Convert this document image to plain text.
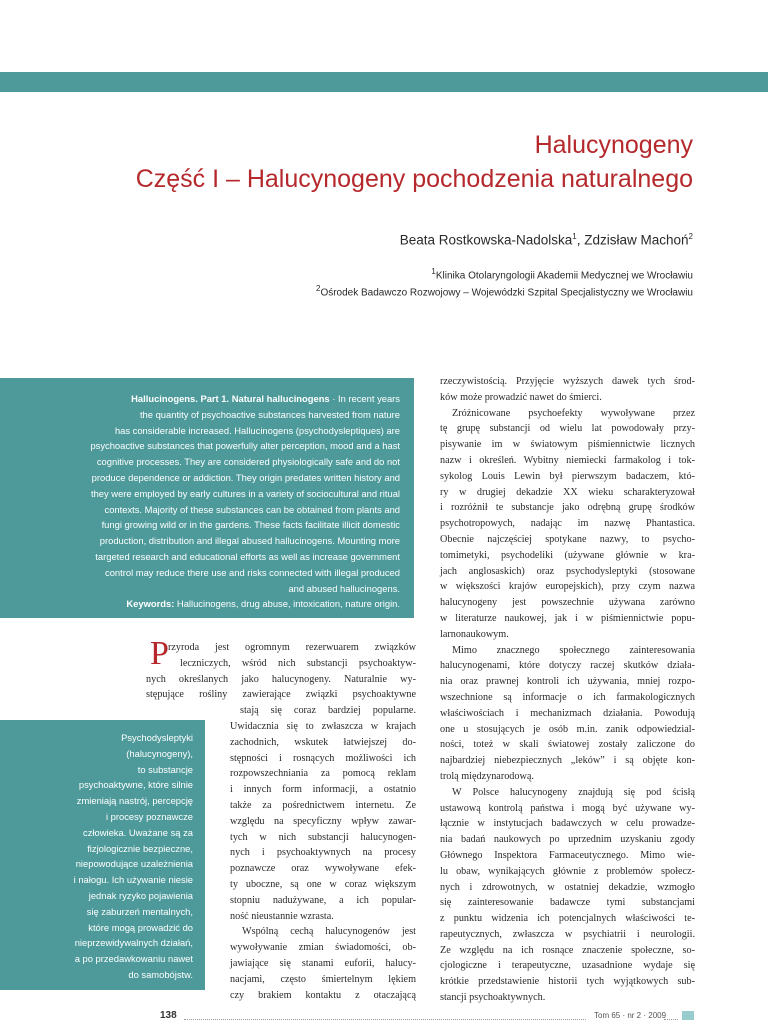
Halucynogeny
Część I – Halucynogeny pochodzenia naturalnego
Beata Rostkowska-Nadolska$^1$, Zdzisław Machoń$^2$
$^1$Klinika Otolaryngologii Akademii Medycznej we Wrocławiu
$^2$Ośrodek Badawczo Rozwojowy – Wojewódzki Szpital Specjalistyczny we Wrocławiu
Hallucinogens. Part 1. Natural hallucinogens · In recent years
the quantity of psychoactive substances harvested from nature
has considerable increased. Hallucinogens (psychodysleptiques) are
psychoactive substances that powerfully alter perception, mood and a hast
cognitive processes. They are considered physiologically safe and do not
produce dependence or addiction. They origin predates written history and
they were employed by early cultures in a variety of sociocultural and ritual
contexts. Majority of these substances can be obtained from plants and
fungi growing wild or in the gardens. These facts facilitate illicit domestic
production, distribution and illegal abused hallucinogens. Mounting more
targeted research and educational efforts as well as increase government
control may reduce there use and risks connected with illegal produced
and abused hallucinogens.
Keywords: Hallucinogens, drug abuse, intoxication, nature origin.
P rzyroda jest ogromnym rezerwuarem związków
leczniczych, wśród nich substancji psychoaktyw-
nych określanych jako halucynogeny. Naturalnie wy-
stępujące rośliny zawierające związki psychoaktywne
stają się coraz bardziej popularne.
Uwidacznia się to zwłaszcza w krajach
zachodnich, wskutek łatwiejszej do-
stępności i rosnących możliwości ich
rozpowszechniania za pomocą reklam
i innych form informacji, a ostatnio
także za pośrednictwem internetu. Ze
względu na specyficzny wpływ zawar-
tych w nich substancji halucynogen-
nych i psychoaktywnych na procesy
poznawcze oraz wywoływane efek-
ty uboczne, są one w coraz większym
stopniu nadużywane, a ich popular-
ność nieustannie wzrasta.
Wspólną cechą halucynogenów jest
wywoływanie zmian świadomości, ob-
jawiające się stanami euforii, halucy-
nacjami, często śmiertelnym lękiem
czy brakiem kontaktu z otaczającą
Psychodysleptyki
(halucynogeny),
to substancje
psychoaktywne, które silnie
zmieniają nastrój, percepcję
i procesy poznawcze
człowieka. Uważane są za
fizjologicznie bezpieczne,
niepowodujące uzależnienia
i nałogu. Ich używanie niesie
jednak ryzyko pojawienia
się zaburzeń mentalnych,
które mogą prowadzić do
nieprzewidywalnych działań,
a po przedawkowaniu nawet
do samobójstw.
rzeczywistością. Przyjęcie wyższych dawek tych środ-
ków może prowadzić nawet do śmierci.
Zróżnicowane psychoefekty wywoływane przez
tę grupę substancji od wielu lat powodowały przy-
pisywanie im w światowym piśmiennictwie licznych
nazw i określeń. Wybitny niemiecki farmakolog i tok-
sykolog Louis Lewin był pierwszym badaczem, któ-
ry w drugiej dekadzie XX wieku scharakteryzował
i rozróżnił te substancje jako odrębną grupę środków
psychotropowych, nadając im nazwę Phantastica.
Obecnie najczęściej spotykane nazwy, to psycho-
tomimetyki, psychodeliki (używane głównie w kra-
jach anglosaskich) oraz psychodysleptyki (stosowane
w większości krajów europejskich), przy czym nazwa
halucynogeny jest powszechnie używana zarówno
w literaturze naukowej, jak i w piśmiennictwie popu-
larnonaukowym.
Mimo znacznego społecznego zainteresowania
halucynogenami, które dotyczy raczej skutków działa-
nia oraz prawnej kontroli ich używania, mniej rozpo-
wszechnione są informacje o ich farmakologicznych
właściwościach i mechanizmach działania. Powodują
one u stosujących je osób m.in. zanik odpowiedzial-
ności, toteż w skali światowej zostały zaliczone do
najbardziej niebezpiecznych „leków” i są objęte kon-
trolą międzynarodową.
W Polsce halucynogeny znajdują się pod ścisłą
ustawową kontrolą państwa i mogą być używane wy-
łącznie w instytucjach badawczych w celu prowadze-
nia badań naukowych po uprzednim uzyskaniu zgody
Głównego Inspektora Farmaceutycznego. Mimo wie-
lu obaw, wynikających głównie z problemów społecz-
nych i zdrowotnych, w ostatniej dekadzie, wzmogło
się zainteresowanie badawcze tymi substancjami
z punktu widzenia ich potencjalnych właściwości te-
rapeutycznych, zwłaszcza w psychiatrii i neurologii.
Ze względu na ich rosnące znaczenie społeczne, so-
cjologiczne i terapeutyczne, uzasadnione wydaje się
krótkie przedstawienie historii tych wyjątkowych sub-
stancji psychoaktywnych.
138	Tom 65 · nr 2 · 2009
